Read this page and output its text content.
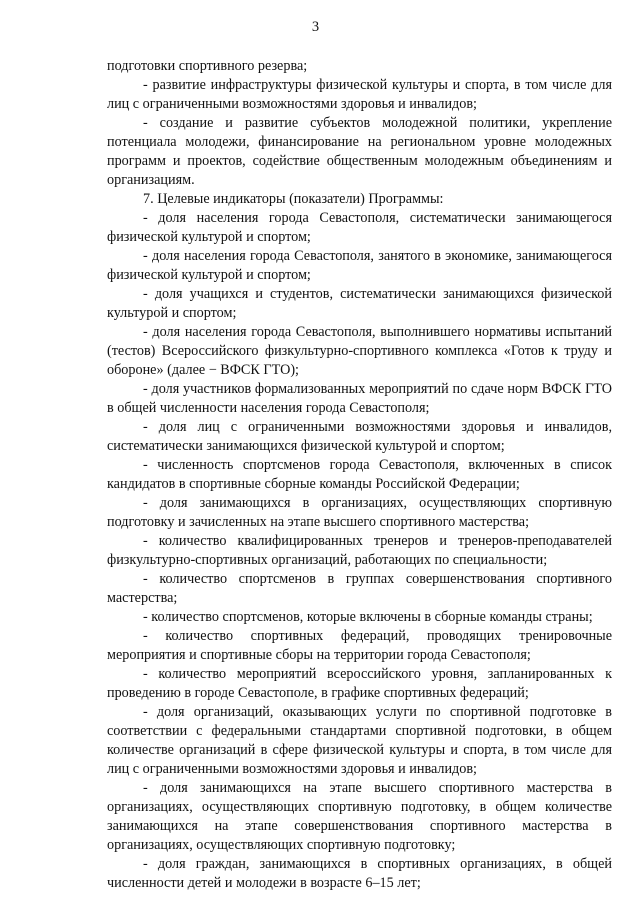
3

подготовки спортивного резерва;

- развитие инфраструктуры физической культуры и спорта, в том числе для лиц с ограниченными возможностями здоровья и инвалидов;

- создание и развитие субъектов молодежной политики, укрепление потенциала молодежи, финансирование на региональном уровне молодежных программ и проектов, содействие общественным молодежным объединениям и организациям.

7. Целевые индикаторы (показатели) Программы:

- доля населения города Севастополя, систематически занимающегося физической культурой и спортом;

- доля населения города Севастополя, занятого в экономике, занимающегося физической культурой и спортом;

- доля учащихся и студентов, систематически занимающихся физической культурой и спортом;

- доля населения города Севастополя, выполнившего нормативы испытаний (тестов) Всероссийского физкультурно-спортивного комплекса «Готов к труду и обороне» (далее − ВФСК ГТО);

- доля участников формализованных мероприятий по сдаче норм ВФСК ГТО в общей численности населения города Севастополя;

- доля лиц с ограниченными возможностями здоровья и инвалидов, систематически занимающихся физической культурой и спортом;

- численность спортсменов города Севастополя, включенных в список кандидатов в спортивные сборные команды Российской Федерации;

- доля занимающихся в организациях, осуществляющих спортивную подготовку и зачисленных на этапе высшего спортивного мастерства;

- количество квалифицированных тренеров и тренеров-преподавателей физкультурно-спортивных организаций, работающих по специальности;

- количество спортсменов в группах совершенствования спортивного мастерства;

- количество спортсменов, которые включены в сборные команды страны;

- количество спортивных федераций, проводящих тренировочные мероприятия и спортивные сборы на территории города Севастополя;

- количество мероприятий всероссийского уровня, запланированных к проведению в городе Севастополе, в графике спортивных федераций;

- доля организаций, оказывающих услуги по спортивной подготовке в соответствии с федеральными стандартами спортивной подготовки, в общем количестве организаций в сфере физической культуры и спорта, в том числе для лиц с ограниченными возможностями здоровья и инвалидов;

- доля занимающихся на этапе высшего спортивного мастерства в организациях, осуществляющих спортивную подготовку, в общем количестве занимающихся на этапе совершенствования спортивного мастерства в организациях, осуществляющих спортивную подготовку;

- доля граждан, занимающихся в спортивных организациях, в общей численности детей и молодежи в возрасте 6–15 лет;
